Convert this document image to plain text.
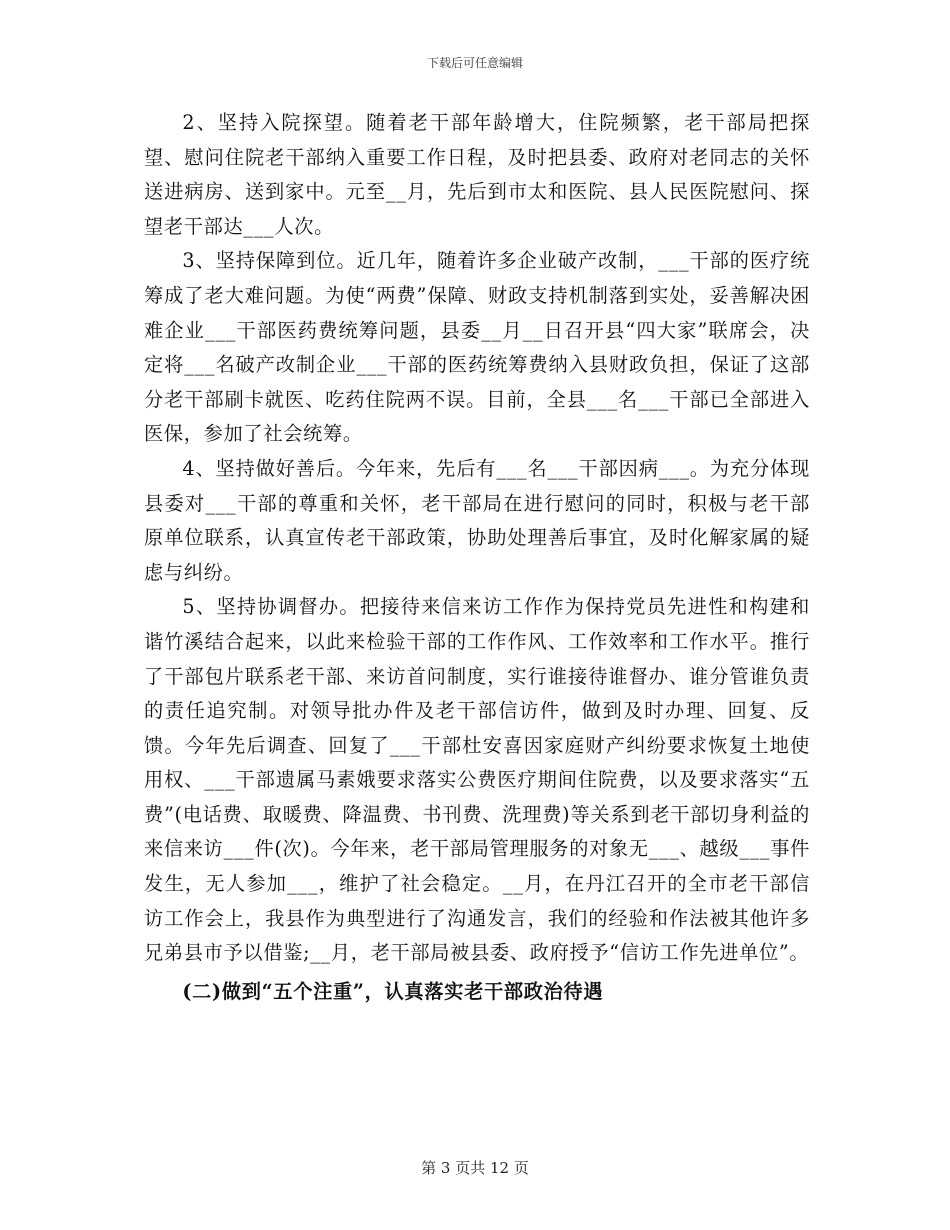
下载后可任意编辑

2、坚持入院探望。随着老干部年龄增大，住院频繁，老干部局把探望、慰问住院老干部纳入重要工作日程，及时把县委、政府对老同志的关怀送进病房、送到家中。元至__月，先后到市太和医院、县人民医院慰问、探望老干部达___人次。

3、坚持保障到位。近几年，随着许多企业破产改制，___干部的医疗统筹成了老大难问题。为使“两费”保障、财政支持机制落到实处，妥善解决困难企业___干部医药费统筹问题，县委__月__日召开县“四大家”联席会，决定将___名破产改制企业___干部的医药统筹费纳入县财政负担，保证了这部分老干部刷卡就医、吃药住院两不误。目前，全县___名___干部已全部进入医保，参加了社会统筹。

4、坚持做好善后。今年来，先后有___名___干部因病___。为充分体现县委对___干部的尊重和关怀，老干部局在进行慰问的同时，积极与老干部原单位联系，认真宣传老干部政策，协助处理善后事宜，及时化解家属的疑虑与纠纷。

5、坚持协调督办。把接待来信来访工作作为保持党员先进性和构建和谐竹溪结合起来，以此来检验干部的工作作风、工作效率和工作水平。推行了干部包片联系老干部、来访首问制度，实行谁接待谁督办、谁分管谁负责的责任追究制。对领导批办件及老干部信访件，做到及时办理、回复、反馈。今年先后调查、回复了___干部杜安喜因家庭财产纠纷要求恢复土地使用权、___干部遗属马素娥要求落实公费医疗期间住院费，以及要求落实“五费”(电话费、取暖费、降温费、书刊费、洗理费)等关系到老干部切身利益的来信来访___件(次)。今年来，老干部局管理服务的对象无___、越级___事件发生，无人参加___，维护了社会稳定。__月，在丹江召开的全市老干部信访工作会上，我县作为典型进行了沟通发言，我们的经验和作法被其他许多兄弟县市予以借鉴;__月，老干部局被县委、政府授予“信访工作先进单位”。

(二)做到“五个注重”，认真落实老干部政治待遇

第 3 页共 12 页
